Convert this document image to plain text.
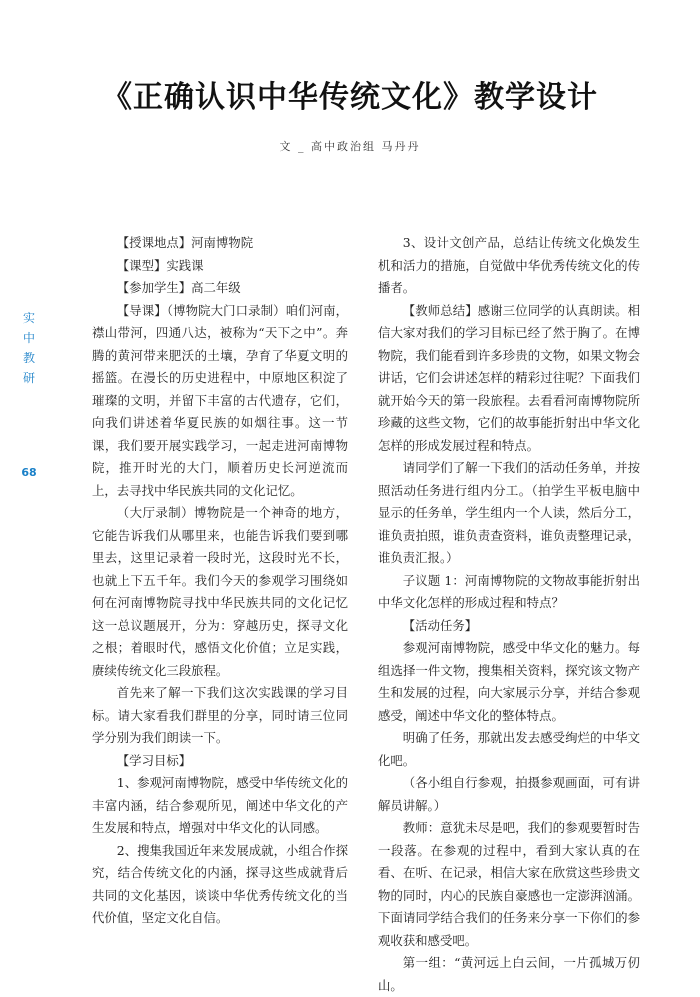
《正确认识中华传统文化》教学设计
文 _ 高中政治组 马丹丹
实
中
教
研
68

【授课地点】河南博物院

【课型】实践课

【参加学生】高二年级

【导课】（博物院大门口录制）咱们河南，襟山带河，四通八达，被称为“天下之中”。奔腾的黄河带来肥沃的土壤，孕育了华夏文明的摇篮。在漫长的历史进程中，中原地区积淀了璀璨的文明，并留下丰富的古代遗存，它们，向我们讲述着华夏民族的如烟往事。这一节课，我们要开展实践学习，一起走进河南博物院，推开时光的大门，顺着历史长河逆流而上，去寻找中华民族共同的文化记忆。

（大厅录制）博物院是一个神奇的地方，它能告诉我们从哪里来，也能告诉我们要到哪里去，这里记录着一段时光，这段时光不长，也就上下五千年。我们今天的参观学习围绕如何在河南博物院寻找中华民族共同的文化记忆这一总议题展开，分为：穿越历史，探寻文化之根；着眼时代，感悟文化价值；立足实践，赓续传统文化三段旅程。

首先来了解一下我们这次实践课的学习目标。请大家看我们群里的分享，同时请三位同学分别为我们朗读一下。

【学习目标】

1、参观河南博物院，感受中华传统文化的丰富内涵，结合参观所见，阐述中华文化的产生发展和特点，增强对中华文化的认同感。

2、搜集我国近年来发展成就，小组合作探究，结合传统文化的内涵，探寻这些成就背后共同的文化基因，谈谈中华优秀传统文化的当代价值，坚定文化自信。

3、设计文创产品，总结让传统文化焕发生机和活力的措施，自觉做中华优秀传统文化的传播者。

【教师总结】感谢三位同学的认真朗读。相信大家对我们的学习目标已经了然于胸了。在博物院，我们能看到许多珍贵的文物，如果文物会讲话，它们会讲述怎样的精彩过往呢？下面我们就开始今天的第一段旅程。去看看河南博物院所珍藏的这些文物，它们的故事能折射出中华文化怎样的形成发展过程和特点。

请同学们了解一下我们的活动任务单，并按照活动任务进行组内分工。（拍学生平板电脑中显示的任务单，学生组内一个人读，然后分工，谁负责拍照，谁负责查资料，谁负责整理记录，谁负责汇报。）

子议题 1：河南博物院的文物故事能折射出中华文化怎样的形成过程和特点？

【活动任务】

参观河南博物院，感受中华文化的魅力。每组选择一件文物，搜集相关资料，探究该文物产生和发展的过程，向大家展示分享，并结合参观感受，阐述中华文化的整体特点。

明确了任务，那就出发去感受绚烂的中华文化吧。

（各小组自行参观，拍摄参观画面，可有讲解员讲解。）

教师：意犹未尽是吧，我们的参观要暂时告一段落。在参观的过程中，看到大家认真的在看、在听、在记录，相信大家在欣赏这些珍贵文物的同时，内心的民族自豪感也一定澎湃汹涌。下面请同学结合我们的任务来分享一下你们的参观收获和感受吧。

第一组：“黄河远上白云间，一片孤城万仞山。
